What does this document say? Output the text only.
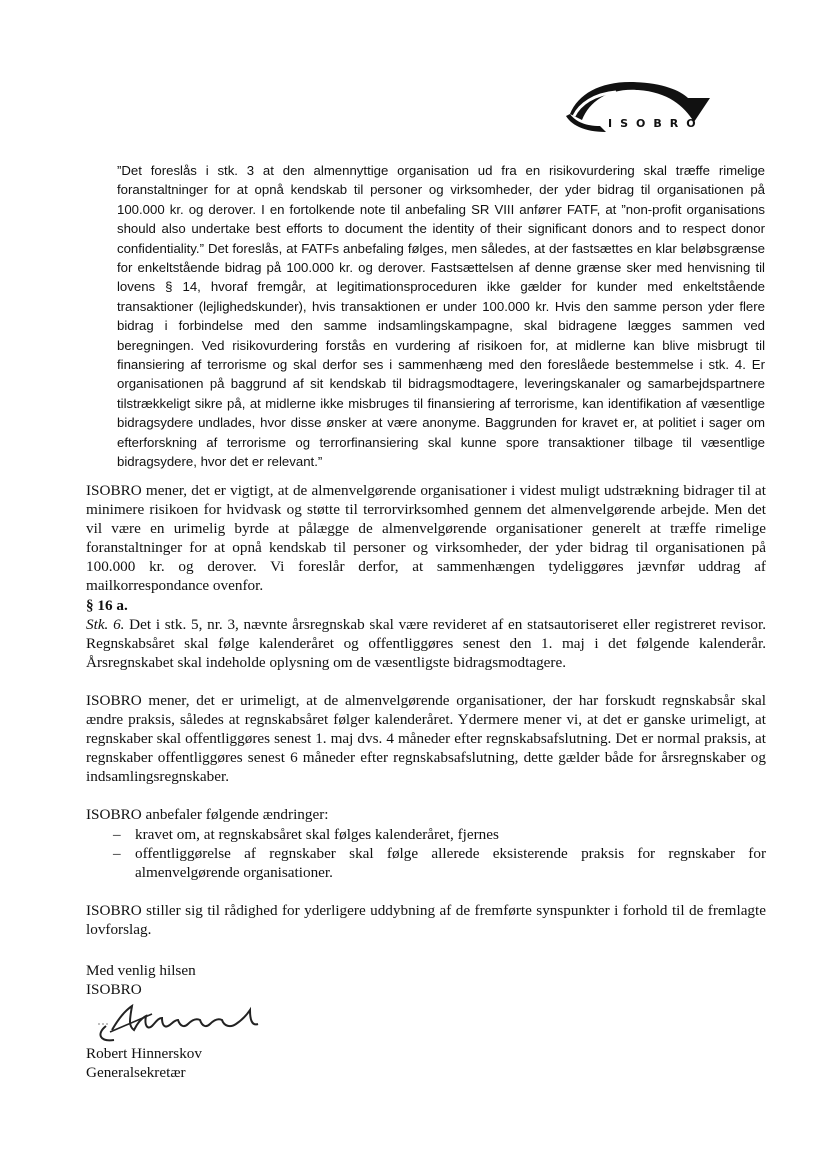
ISOBRO

”Det foreslås i stk. 3 at den almennyttige organisation ud fra en risikovurdering skal træffe rimelige foranstaltninger for at opnå kendskab til personer og virksomheder, der yder bidrag til organisationen på 100.000 kr. og derover. I en fortolkende note til anbefaling SR VIII anfører FATF, at ”non-profit organisations should also undertake best efforts to document the identity of their significant donors and to respect donor confidentiality.” Det foreslås, at FATFs anbefaling følges, men således, at der fastsættes en klar beløbsgrænse for enkeltstående bidrag på 100.000 kr. og derover. Fastsættelsen af denne grænse sker med henvisning til lovens § 14, hvoraf fremgår, at legitimationsproceduren ikke gælder for kunder med enkeltstående transaktioner (lejlighedskunder), hvis transaktionen er under 100.000 kr. Hvis den samme person yder flere bidrag i forbindelse med den samme indsamlingskampagne, skal bidragene lægges sammen ved beregningen. Ved risikovurdering forstås en vurdering af risikoen for, at midlerne kan blive misbrugt til finansiering af terrorisme og skal derfor ses i sammenhæng med den foreslåede bestemmelse i stk. 4. Er organisationen på baggrund af sit kendskab til bidragsmodtagere, leveringskanaler og samarbejdspartnere tilstrækkeligt sikre på, at midlerne ikke misbruges til finansiering af terrorisme, kan identifikation af væsentlige bidragsydere undlades, hvor disse ønsker at være anonyme. Baggrunden for kravet er, at politiet i sager om efterforskning af terrorisme og terrorfinansiering skal kunne spore transaktioner tilbage til væsentlige bidragsydere, hvor det er relevant.”

ISOBRO mener, det er vigtigt, at de almenvelgørende organisationer i videst muligt udstrækning bidrager til at minimere risikoen for hvidvask og støtte til terrorvirksomhed gennem det almenvelgørende arbejde. Men det vil være en urimelig byrde at pålægge de almenvelgørende organisationer generelt at træffe rimelige foranstaltninger for at opnå kendskab til personer og virksomheder, der yder bidrag til organisationen på 100.000 kr. og derover. Vi foreslår derfor, at sammenhængen tydeliggøres jævnfør uddrag af mailkorrespondance ovenfor.

§ 16 a.

Stk. 6. Det i stk. 5, nr. 3, nævnte årsregnskab skal være revideret af en statsautoriseret eller registreret revisor. Regnskabsåret skal følge kalenderåret og offentliggøres senest den 1. maj i det følgende kalenderår. Årsregnskabet skal indeholde oplysning om de væsentligste bidragsmodtagere.

ISOBRO mener, det er urimeligt, at de almenvelgørende organisationer, der har forskudt regnskabsår skal ændre praksis, således at regnskabsåret følger kalenderåret. Ydermere mener vi, at det er ganske urimeligt, at regnskaber skal offentliggøres senest 1. maj dvs. 4 måneder efter regnskabsafslutning. Det er normal praksis, at regnskaber offentliggøres senest 6 måneder efter regnskabsafslutning, dette gælder både for årsregnskaber og indsamlingsregnskaber.

ISOBRO anbefaler følgende ændringer:

– kravet om, at regnskabsåret skal følges kalenderåret, fjernes
– offentliggørelse af regnskaber skal følge allerede eksisterende praksis for regnskaber for almenvelgørende organisationer.

ISOBRO stiller sig til rådighed for yderligere uddybning af de fremførte synspunkter i forhold til de fremlagte lovforslag.

Med venlig hilsen
ISOBRO
Robert Hinnerskov
Generalsekretær
